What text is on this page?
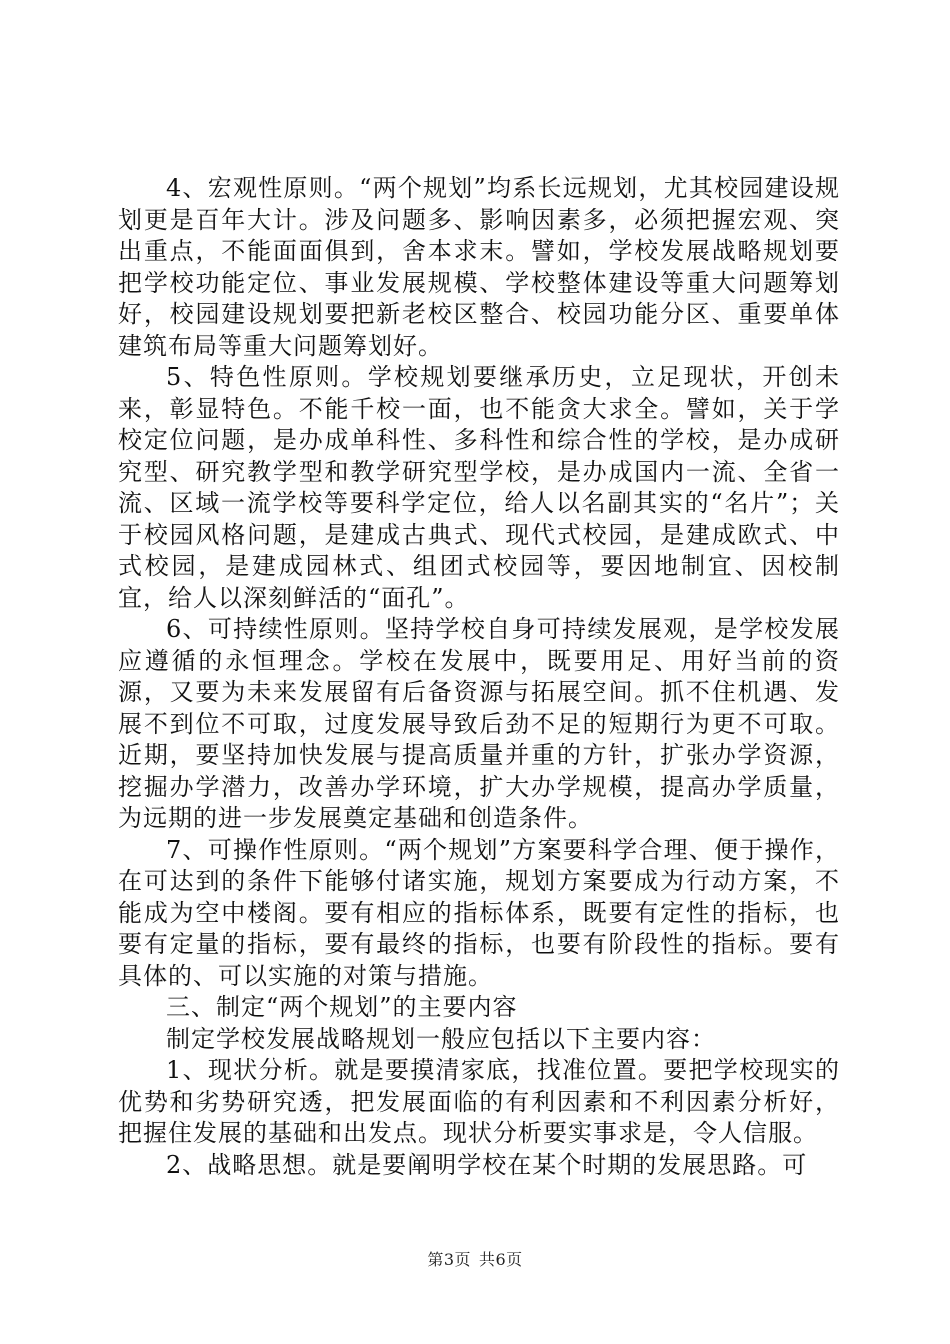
4、宏观性原则。“两个规划”均系长远规划，尤其校园建设规划更是百年大计。涉及问题多、影响因素多，必须把握宏观、突出重点，不能面面俱到，舍本求末。譬如，学校发展战略规划要把学校功能定位、事业发展规模、学校整体建设等重大问题筹划好，校园建设规划要把新老校区整合、校园功能分区、重要单体建筑布局等重大问题筹划好。

5、特色性原则。学校规划要继承历史，立足现状，开创未来，彰显特色。不能千校一面，也不能贪大求全。譬如，关于学校定位问题，是办成单科性、多科性和综合性的学校，是办成研究型、研究教学型和教学研究型学校，是办成国内一流、全省一流、区域一流学校等要科学定位，给人以名副其实的“名片”；关于校园风格问题，是建成古典式、现代式校园，是建成欧式、中式校园，是建成园林式、组团式校园等，要因地制宜、因校制宜，给人以深刻鲜活的“面孔”。

6、可持续性原则。坚持学校自身可持续发展观，是学校发展应遵循的永恒理念。学校在发展中，既要用足、用好当前的资源，又要为未来发展留有后备资源与拓展空间。抓不住机遇、发展不到位不可取，过度发展导致后劲不足的短期行为更不可取。近期，要坚持加快发展与提高质量并重的方针，扩张办学资源，挖掘办学潜力，改善办学环境，扩大办学规模，提高办学质量，为远期的进一步发展奠定基础和创造条件。

7、可操作性原则。“两个规划”方案要科学合理、便于操作，在可达到的条件下能够付诸实施，规划方案要成为行动方案，不能成为空中楼阁。要有相应的指标体系，既要有定性的指标，也要有定量的指标，要有最终的指标，也要有阶段性的指标。要有具体的、可以实施的对策与措施。

三、制定“两个规划”的主要内容

制定学校发展战略规划一般应包括以下主要内容：

1、现状分析。就是要摸清家底，找准位置。要把学校现实的优势和劣势研究透，把发展面临的有利因素和不利因素分析好，把握住发展的基础和出发点。现状分析要实事求是，令人信服。

2、战略思想。就是要阐明学校在某个时期的发展思路。可

第3页 共6页
